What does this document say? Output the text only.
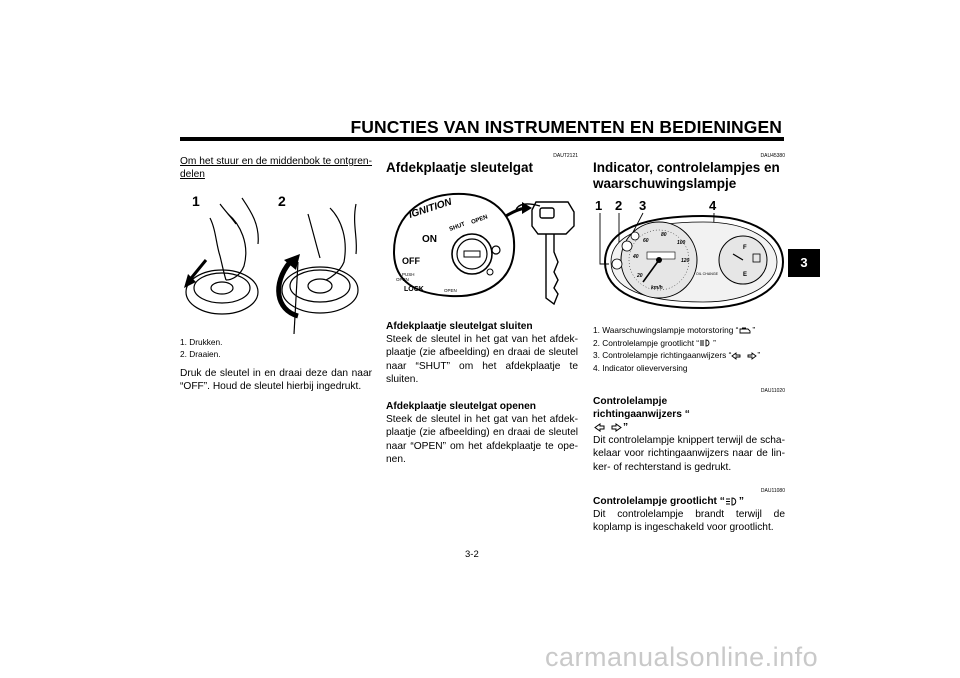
FUNCTIES VAN INSTRUMENTEN EN BEDIENINGEN
3
Om het stuur en de middenbok te ontgren- delen
1	2
1. Drukken.
2. Draaien.

Druk de sleutel in en draai deze dan naar “OFF”. Houd de sleutel hierbij ingedrukt.

DAUT2121
Afdekplaatje sleutelgat
IGNITION
ON
OFF
LOCK
SHUT
OPEN
PUSH
OPEN
OPEN
Afdekplaatje sleutelgat sluiten

Steek de sleutel in het gat van het afdek- plaatje (zie afbeelding) en draai de sleutel naar “SHUT” om het afdekplaatje te sluiten.

Afdekplaatje sleutelgat openen

Steek de sleutel in het gat van het afdek- plaatje (zie afbeelding) en draai de sleutel naar “OPEN” om het afdekplaatje te ope- nen.

DAU45380
Indicator, controlelampjes en waarschuwingslampje
1 2 3	4
20
40
60
80
100
120
km/h
F
E
OIL CHANGE
1. Waarschuwingslampje motorstoring “ ”
2. Controlelampje grootlicht “ ”
3. Controlelampje richtingaanwijzers “	”
4. Indicator olieverversing
DAU11020
Controlelampje richtingaanwijzers “”

Dit controlelampje knippert terwijl de scha- kelaar voor richtingaanwijzers naar de lin- ker- of rechterstand is gedrukt.

DAU11080
Controlelampje grootlicht “ ”

Dit controlelampje brandt terwijl de koplamp is ingeschakeld voor grootlicht.

3-2
carmanualsonline.info
